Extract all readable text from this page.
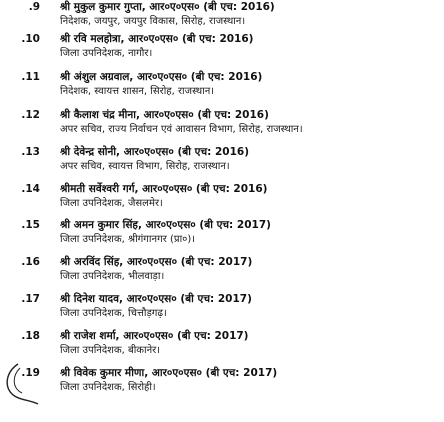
9. श्री मुकुल कुमार गुप्ता, आर०ए०एस० (बी एच: 2016)
निदेशक, जयपुर, जयपुर विकास, सिरोह, राजस्थान।
10. श्री रवि मलहोत्रा, आर०ए०एस० (बी एच: 2016)
जिला उपनिदेशक, नागौर।
11. श्री अंशुल अग्रवाल, आर०ए०एस० (बी एच: 2016)
निदेशक, स्वायत्त शासन, सिरोह, राजस्थान।
12. श्री कैलाश चंद्र मीना, आर०ए०एस० (बी एच: 2016)
अपर सचिव, राज्य निर्वाचन एवं आवासन विभाग, सिरोह, राजस्थान।
13. श्री देवेन्द्र सोनी, आर०ए०एस० (बी एच: 2016)
अपर सचिव, स्वायत्त विभाग, सिरोह, राजस्थान।
14. श्रीमती सर्वेश्वरी गर्ग, आर०ए०एस० (बी एच: 2016)
जिला उपनिदेशक, जैसलमेर।
15. श्री अमन कुमार सिंह, आर०ए०एस० (बी एच: 2017)
जिला उपनिदेशक, श्रीगंगानगर (प्रा०)।
16. श्री अरविंद सिंह, आर०ए०एस० (बी एच: 2017)
जिला उपनिदेशक, भीलवाड़ा।
17. श्री दिनेश यादव, आर०ए०एस० (बी एच: 2017)
जिला उपनिदेशक, चित्तौड़गढ़।
18. श्री राजेश शर्मा, आर०ए०एस० (बी एच: 2017)
जिला उपनिदेशक, बीकानेर।
19. श्री विवेक कुमार मीणा, आर०ए०एस० (बी एच: 2017)
जिला उपनिदेशक, सिरोही।
